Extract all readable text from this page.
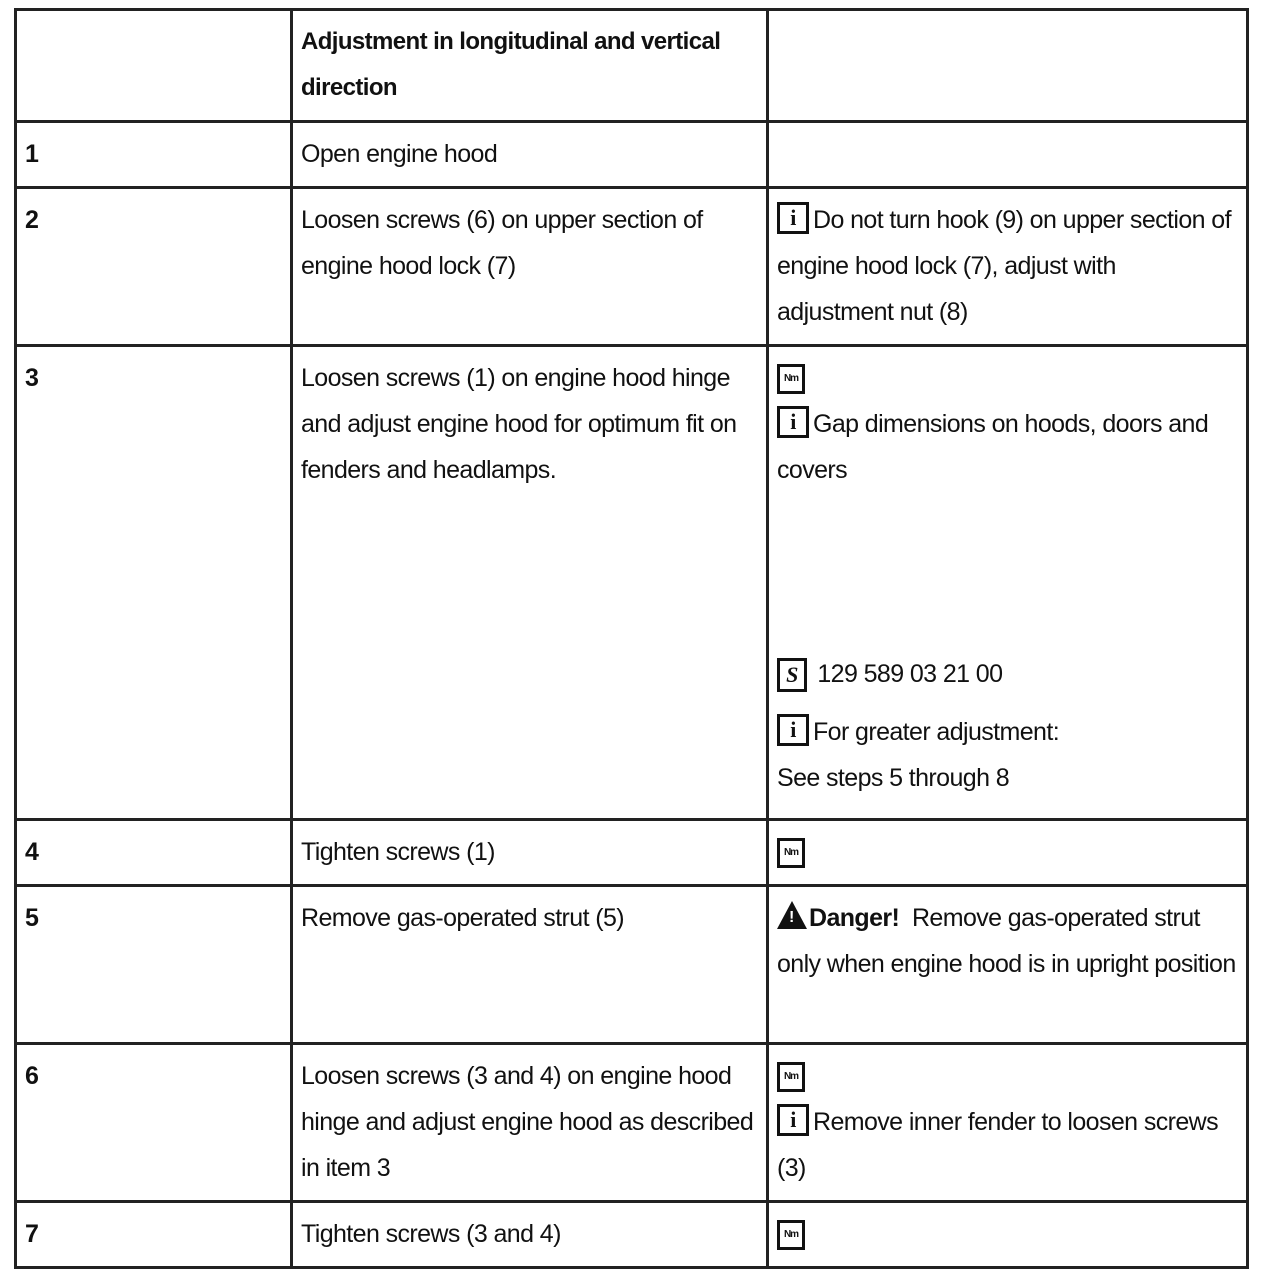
	Adjustment in longitudinal and vertical direction	
1	Open engine hood	
2	Loosen screws (6) on upper section of engine hood lock (7)	i Do not turn hook (9) on upper section of engine hood lock (7), adjust with adjustment nut (8)
3	Loosen screws (1) on engine hood hinge and adjust engine hood for optimum fit on fenders and headlamps.	Nm
i Gap dimensions on hoods, doors and covers
S 129 589 03 21 00
i For greater adjustment:
See steps 5 through 8

4	Tighten screws (1)	Nm
5	Remove gas-operated strut (5)	!Danger! Remove gas-operated strut only when engine hood is in upright position
6	Loosen screws (3 and 4) on engine hood hinge and adjust engine hood as described in item 3	Nm
i Remove inner fender to loosen screws (3)
7	Tighten screws (3 and 4)	Nm
